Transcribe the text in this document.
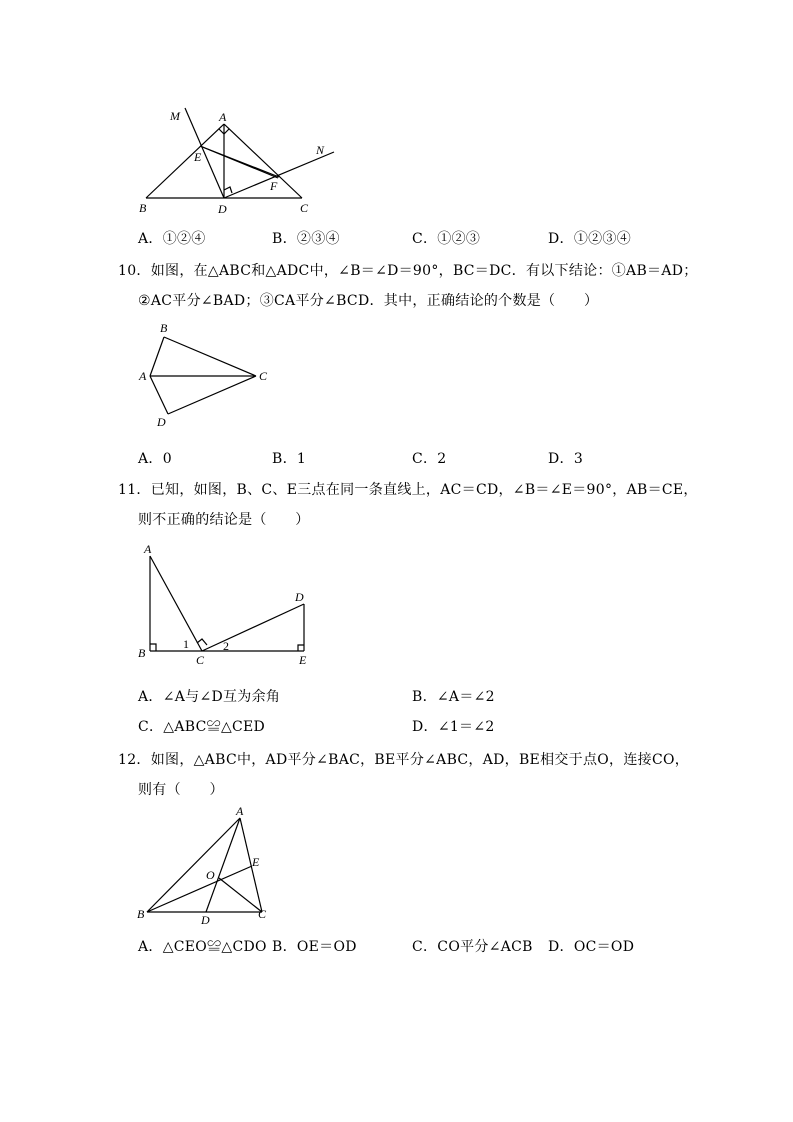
M	A
N
E
F
B	D	C
A．①②④	B．②③④	C．①②③	D．①②③④
10．如图，在△ABC和△ADC中，∠B＝∠D＝90°，BC＝DC．有以下结论：①AB＝AD；
②AC平分∠BAD；③CA平分∠BCD．其中，正确结论的个数是（　　）
B
A	C
D
A．0	B．1	C．2	D．3
11．已知，如图，B、C、E三点在同一条直线上，AC＝CD，∠B＝∠E＝90°，AB＝CE，
则不正确的结论是（　　）
A
D
1	2
B	C	E
A．∠A与∠D互为余角	B．∠A＝∠2
C．△ABC≌△CED	D．∠1＝∠2
12．如图，△ABC中，AD平分∠BAC，BE平分∠ABC，AD，BE相交于点O，连接CO，
则有（　　）
A
E
O
B	D	C
A．△CEO≌△CDO B．OE＝OD	C．CO平分∠ACB D．OC＝OD
